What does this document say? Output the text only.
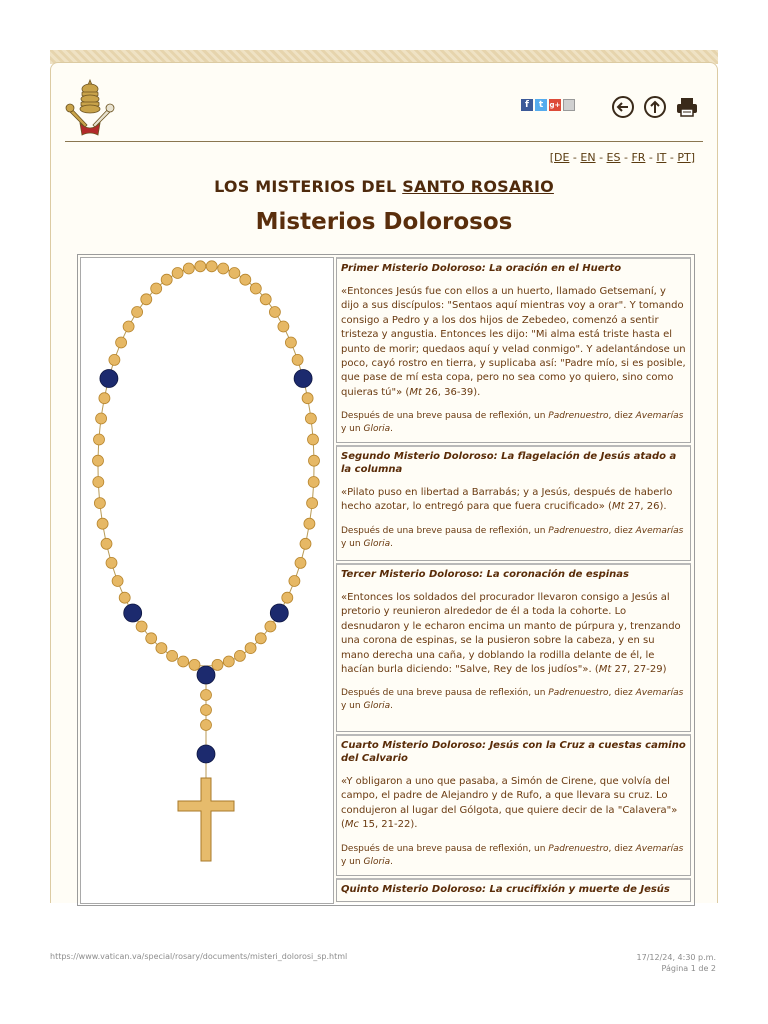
f	t g+
[DE - EN - ES - FR - IT - PT]
LOS MISTERIOS DEL SANTO ROSARIO
Misterios Dolorosos

Primer Misterio Doloroso: La oración en el Huerto

«Entonces Jesús fue con ellos a un huerto, llamado Getsemaní, y dijo a sus discípulos: "Sentaos aquí mientras voy a orar". Y tomando consigo a Pedro y a los dos hijos de Zebedeo, comenzó a sentir tristeza y angustia. Entonces les dijo: "Mi alma está triste hasta el punto de morir; quedaos aquí y velad conmigo". Y adelantándose un poco, cayó rostro en tierra, y suplicaba así: "Padre mío, si es posible, que pase de mí esta copa, pero no sea como yo quiero, sino como quieras tú"» (Mt 26, 36-39).

Después de una breve pausa de reflexión, un Padrenuestro, diez Avemarías y un Gloria.

Segundo Misterio Doloroso: La flagelación de Jesús atado a la columna

«Pilato puso en libertad a Barrabás; y a Jesús, después de haberlo hecho azotar, lo entregó para que fuera crucificado» (Mt 27, 26).

Después de una breve pausa de reflexión, un Padrenuestro, diez Avemarías y un Gloria.

Tercer Misterio Doloroso: La coronación de espinas

«Entonces los soldados del procurador llevaron consigo a Jesús al pretorio y reunieron alrededor de él a toda la cohorte. Lo desnudaron y le echaron encima un manto de púrpura y, trenzando una corona de espinas, se la pusieron sobre la cabeza, y en su mano derecha una caña, y doblando la rodilla delante de él, le hacían burla diciendo: "Salve, Rey de los judíos"». (Mt 27, 27-29)

Después de una breve pausa de reflexión, un Padrenuestro, diez Avemarías y un Gloria.

Cuarto Misterio Doloroso: Jesús con la Cruz a cuestas camino del Calvario

«Y obligaron a uno que pasaba, a Simón de Cirene, que volvía del campo, el padre de Alejandro y de Rufo, a que llevara su cruz. Lo condujeron al lugar del Gólgota, que quiere decir de la "Calavera"» (Mc 15, 21-22).

Después de una breve pausa de reflexión, un Padrenuestro, diez Avemarías y un Gloria.

Quinto Misterio Doloroso: La crucifixión y muerte de Jesús

https://www.vatican.va/special/rosary/documents/misteri_dolorosi_sp.html	17/12/24, 4:30 p.m.
Página 1 de 2
